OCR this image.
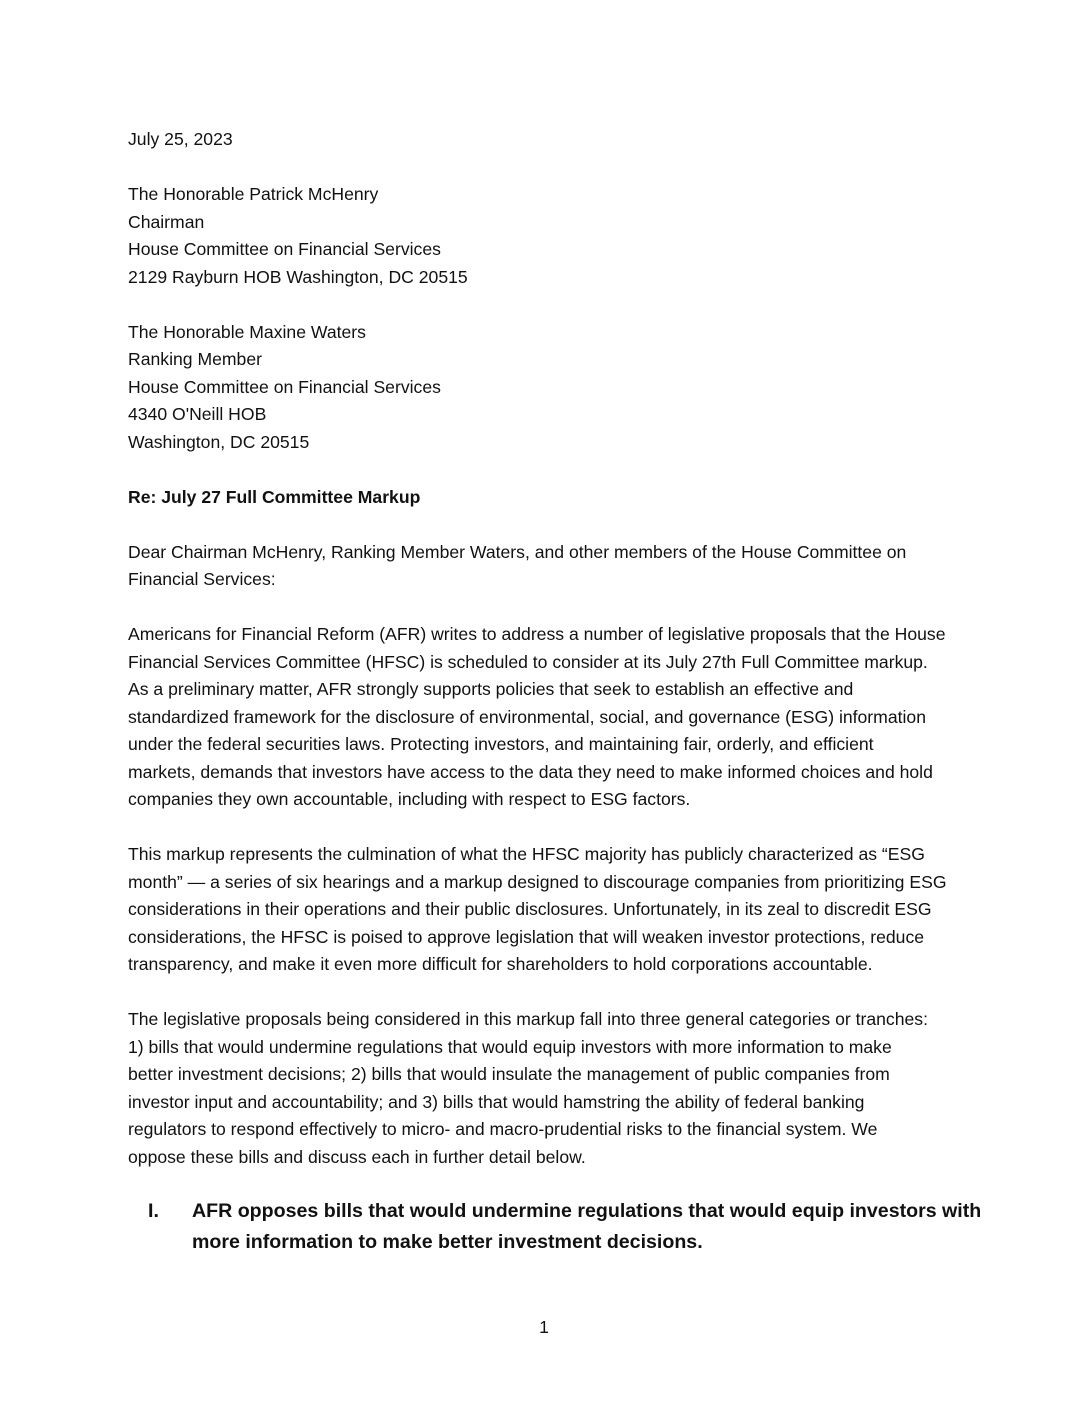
July 25, 2023
The Honorable Patrick McHenry
Chairman
House Committee on Financial Services
2129 Rayburn HOB Washington, DC 20515
The Honorable Maxine Waters
Ranking Member
House Committee on Financial Services
4340 O'Neill HOB
Washington, DC 20515
Re: July 27 Full Committee Markup
Dear Chairman McHenry, Ranking Member Waters, and other members of the House Committee on
Financial Services:
Americans for Financial Reform (AFR) writes to address a number of legislative proposals that the House
Financial Services Committee (HFSC) is scheduled to consider at its July 27th Full Committee markup.
As a preliminary matter, AFR strongly supports policies that seek to establish an effective and
standardized framework for the disclosure of environmental, social, and governance (ESG) information
under the federal securities laws. Protecting investors, and maintaining fair, orderly, and efficient
markets, demands that investors have access to the data they need to make informed choices and hold
companies they own accountable, including with respect to ESG factors.
This markup represents the culmination of what the HFSC majority has publicly characterized as “ESG
month” — a series of six hearings and a markup designed to discourage companies from prioritizing ESG
considerations in their operations and their public disclosures. Unfortunately, in its zeal to discredit ESG
considerations, the HFSC is poised to approve legislation that will weaken investor protections, reduce
transparency, and make it even more difficult for shareholders to hold corporations accountable.
The legislative proposals being considered in this markup fall into three general categories or tranches:
1) bills that would undermine regulations that would equip investors with more information to make
better investment decisions; 2) bills that would insulate the management of public companies from
investor input and accountability; and 3) bills that would hamstring the ability of federal banking
regulators to respond effectively to micro- and macro-prudential risks to the financial system. We
oppose these bills and discuss each in further detail below.
I. AFR opposes bills that would undermine regulations that would equip investors with
more information to make better investment decisions.
1
